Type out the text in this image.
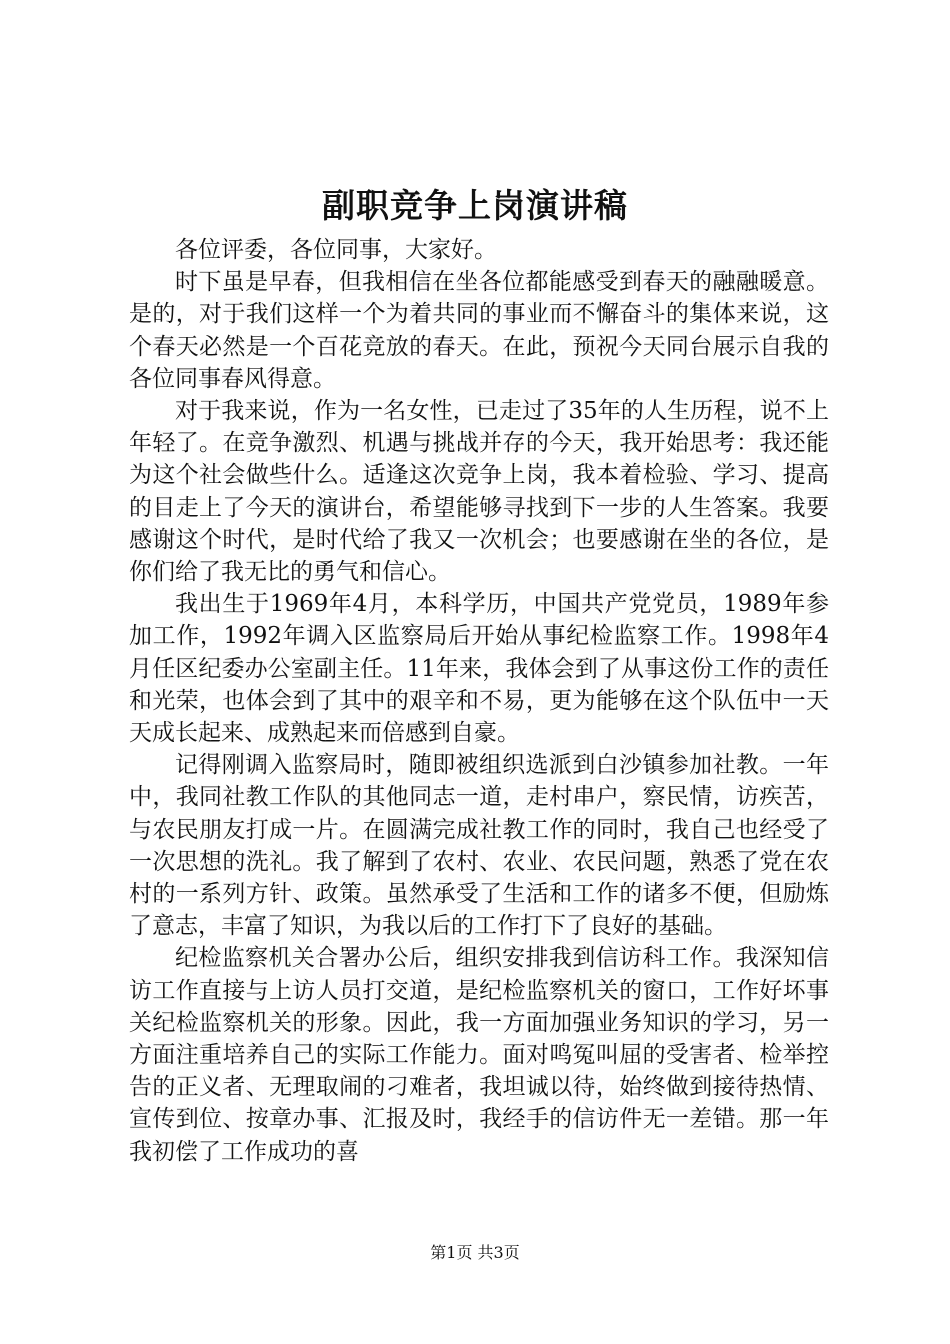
副职竞争上岗演讲稿

各位评委，各位同事，大家好。

时下虽是早春，但我相信在坐各位都能感受到春天的融融暖意。是的，对于我们这样一个为着共同的事业而不懈奋斗的集体来说，这个春天必然是一个百花竞放的春天。在此，预祝今天同台展示自我的各位同事春风得意。

对于我来说，作为一名女性，已走过了35年的人生历程，说不上年轻了。在竞争激烈、机遇与挑战并存的今天，我开始思考：我还能为这个社会做些什么。适逢这次竞争上岗，我本着检验、学习、提高的目走上了今天的演讲台，希望能够寻找到下一步的人生答案。我要感谢这个时代，是时代给了我又一次机会；也要感谢在坐的各位，是你们给了我无比的勇气和信心。

我出生于1969年4月，本科学历，中国共产党党员，1989年参加工作，1992年调入区监察局后开始从事纪检监察工作。1998年4月任区纪委办公室副主任。11年来，我体会到了从事这份工作的责任和光荣，也体会到了其中的艰辛和不易，更为能够在这个队伍中一天天成长起来、成熟起来而倍感到自豪。

记得刚调入监察局时，随即被组织选派到白沙镇参加社教。一年中，我同社教工作队的其他同志一道，走村串户，察民情，访疾苦，与农民朋友打成一片。在圆满完成社教工作的同时，我自己也经受了一次思想的洗礼。我了解到了农村、农业、农民问题，熟悉了党在农村的一系列方针、政策。虽然承受了生活和工作的诸多不便，但励炼了意志，丰富了知识，为我以后的工作打下了良好的基础。

纪检监察机关合署办公后，组织安排我到信访科工作。我深知信访工作直接与上访人员打交道，是纪检监察机关的窗口，工作好坏事关纪检监察机关的形象。因此，我一方面加强业务知识的学习，另一方面注重培养自己的实际工作能力。面对鸣冤叫屈的受害者、检举控告的正义者、无理取闹的刁难者，我坦诚以待，始终做到接待热情、宣传到位、按章办事、汇报及时，我经手的信访件无一差错。那一年我初偿了工作成功的喜

第1页 共3页
